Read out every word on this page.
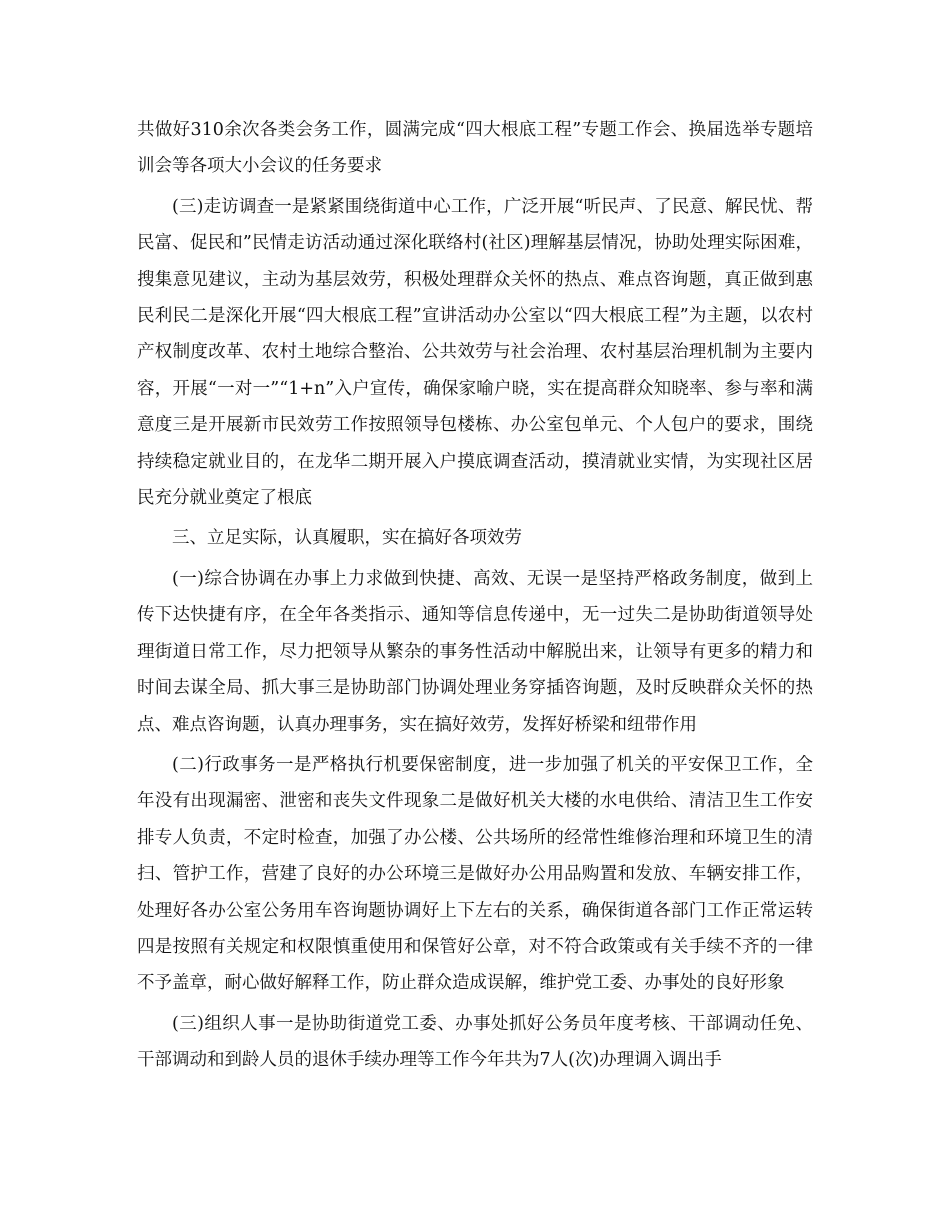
共做好310余次各类会务工作，圆满完成“四大根底工程”专题工作会、换届选举专题培训会等各项大小会议的任务要求

(三)走访调查一是紧紧围绕街道中心工作，广泛开展“听民声、了民意、解民忧、帮民富、促民和”民情走访活动通过深化联络村(社区)理解基层情况，协助处理实际困难，搜集意见建议，主动为基层效劳，积极处理群众关怀的热点、难点咨询题，真正做到惠民利民二是深化开展“四大根底工程”宣讲活动办公室以“四大根底工程”为主题，以农村产权制度改革、农村土地综合整治、公共效劳与社会治理、农村基层治理机制为主要内容，开展“一对一”“1+n”入户宣传，确保家喻户晓，实在提高群众知晓率、参与率和满意度三是开展新市民效劳工作按照领导包楼栋、办公室包单元、个人包户的要求，围绕持续稳定就业目的，在龙华二期开展入户摸底调查活动，摸清就业实情，为实现社区居民充分就业奠定了根底

三、立足实际，认真履职，实在搞好各项效劳

(一)综合协调在办事上力求做到快捷、高效、无误一是坚持严格政务制度，做到上传下达快捷有序，在全年各类指示、通知等信息传递中，无一过失二是协助街道领导处理街道日常工作，尽力把领导从繁杂的事务性活动中解脱出来，让领导有更多的精力和时间去谋全局、抓大事三是协助部门协调处理业务穿插咨询题，及时反映群众关怀的热点、难点咨询题，认真办理事务，实在搞好效劳，发挥好桥梁和纽带作用

(二)行政事务一是严格执行机要保密制度，进一步加强了机关的平安保卫工作，全年没有出现漏密、泄密和丧失文件现象二是做好机关大楼的水电供给、清洁卫生工作安排专人负责，不定时检查，加强了办公楼、公共场所的经常性维修治理和环境卫生的清扫、管护工作，营建了良好的办公环境三是做好办公用品购置和发放、车辆安排工作，处理好各办公室公务用车咨询题协调好上下左右的关系，确保街道各部门工作正常运转四是按照有关规定和权限慎重使用和保管好公章，对不符合政策或有关手续不齐的一律不予盖章，耐心做好解释工作，防止群众造成误解，维护党工委、办事处的良好形象

(三)组织人事一是协助街道党工委、办事处抓好公务员年度考核、干部调动任免、干部调动和到龄人员的退休手续办理等工作今年共为7人(次)办理调入调出手
